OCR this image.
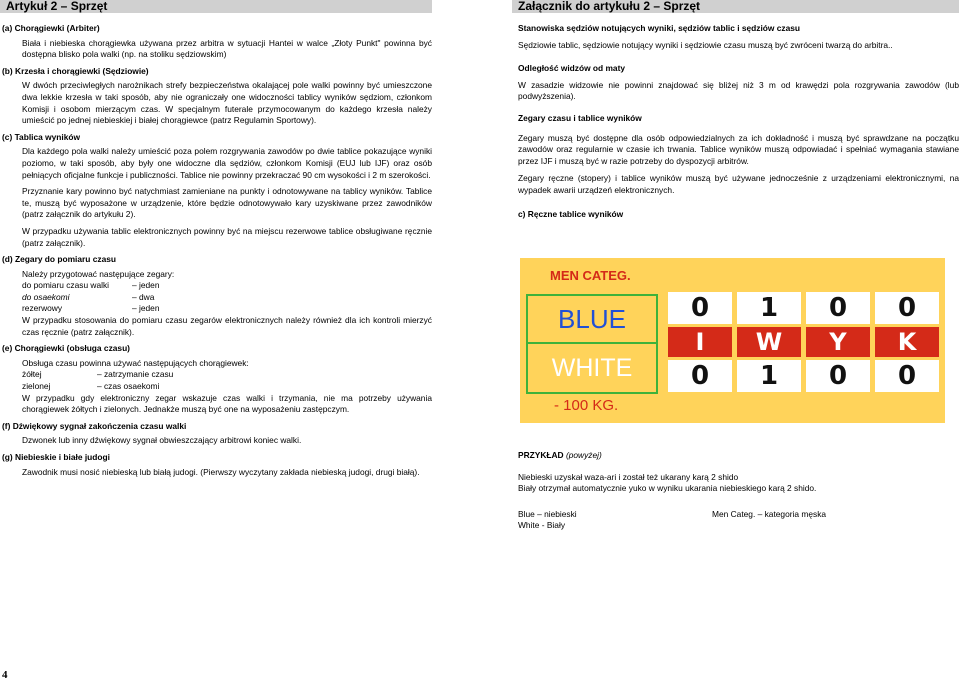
Artykuł 2 – Sprzęt
(a) Chorągiewki (Arbiter)
Biała i niebieska chorągiewka używana przez arbitra w sytuacji Hantei w walce „Złoty Punkt" powinna być dostępna blisko pola walki (np. na stoliku sędziowskim)
(b) Krzesła i chorągiewki (Sędziowie)
W dwóch przeciwległych narożnikach strefy bezpieczeństwa okalającej pole walki powinny być umieszczone dwa lekkie krzesła w taki sposób, aby nie ograniczały one widoczności tablicy wyników sędziom, członkom Komisji i osobom mierzącym czas. W specjalnym futerale przymocowanym do każdego krzesła należy umieścić po jednej niebieskiej i białej chorągiewce (patrz Regulamin Sportowy).
(c) Tablica wyników
Dla każdego pola walki należy umieścić poza polem rozgrywania zawodów po dwie tablice pokazujące wyniki poziomo, w taki sposób, aby były one widoczne dla sędziów, członkom Komisji (EUJ lub IJF) oraz osób pełniących oficjalne funkcje i publiczności. Tablice nie powinny przekraczać 90 cm wysokości i 2 m szerokości.
Przyznanie kary powinno być natychmiast zamieniane na punkty i odnotowywane na tablicy wyników. Tablice te, muszą być wyposażone w urządzenie, które będzie odnotowywało kary uzyskiwane przez zawodników (patrz załącznik do artykułu 2).
W przypadku używania tablic elektronicznych powinny być na miejscu rezerwowe tablice obsługiwane ręcznie (patrz załącznik).
(d) Zegary do pomiaru czasu
Należy przygotować następujące zegary:
do pomiaru czasu walki	– jeden
do osaekomi	– dwa
rezerwowy	– jeden
W przypadku stosowania do pomiaru czasu zegarów elektronicznych należy również dla ich kontroli mierzyć czas ręcznie (patrz załącznik).
(e) Chorągiewki (obsługa czasu)
Obsługa czasu powinna używać następujących chorągiewek:
żółtej	– zatrzymanie czasu
zielonej	– czas osaekomi
W przypadku gdy elektroniczny zegar wskazuje czas walki i trzymania, nie ma potrzeby używania chorągiewek żółtych i zielonych. Jednakże muszą być one na wyposażeniu zastępczym.
(f) Dźwiękowy sygnał zakończenia czasu walki
Dzwonek lub inny dźwiękowy sygnał obwieszczający arbitrowi koniec walki.
(g) Niebieskie i białe judogi
Zawodnik musi nosić niebieską lub białą judogi. (Pierwszy wyczytany zakłada niebieską judogi, drugi białą).
4
Załącznik do artykułu 2 – Sprzęt
Stanowiska sędziów notujących wyniki, sędziów tablic i sędziów czasu
Sędziowie tablic, sędziowie notujący wyniki i sędziowie czasu muszą być zwróceni twarzą do arbitra..
Odległość widzów od maty
W zasadzie widzowie nie powinni znajdować się bliżej niż 3 m od krawędzi pola rozgrywania zawodów (lub podwyższenia).
Zegary czasu i tablice wyników
Zegary muszą być dostępne dla osób odpowiedzialnych za ich dokładność i muszą być sprawdzane na początku zawodów oraz regularnie w czasie ich trwania. Tablice wyników muszą odpowiadać i spełniać wymagania stawiane przez IJF i muszą być w razie potrzeby do dyspozycji arbitrów.
Zegary ręczne (stopery) i tablice wyników muszą być używane jednocześnie z urządzeniami elektronicznymi, na wypadek awarii urządzeń elektronicznych.
c) Ręczne tablice wyników
MEN CATEG.
BLUE
WHITE
- 100 KG.
0	1	0	0
I	W	Y	K
0	1	0	0
PRZYKŁAD (powyżej)
Niebieski uzyskał waza-ari i został też ukarany karą 2 shido
Biały otrzymał automatycznie yuko w wyniku ukarania niebieskiego karą 2 shido.
Blue – niebieski	Men Categ. – kategoria męska
White - Biały
